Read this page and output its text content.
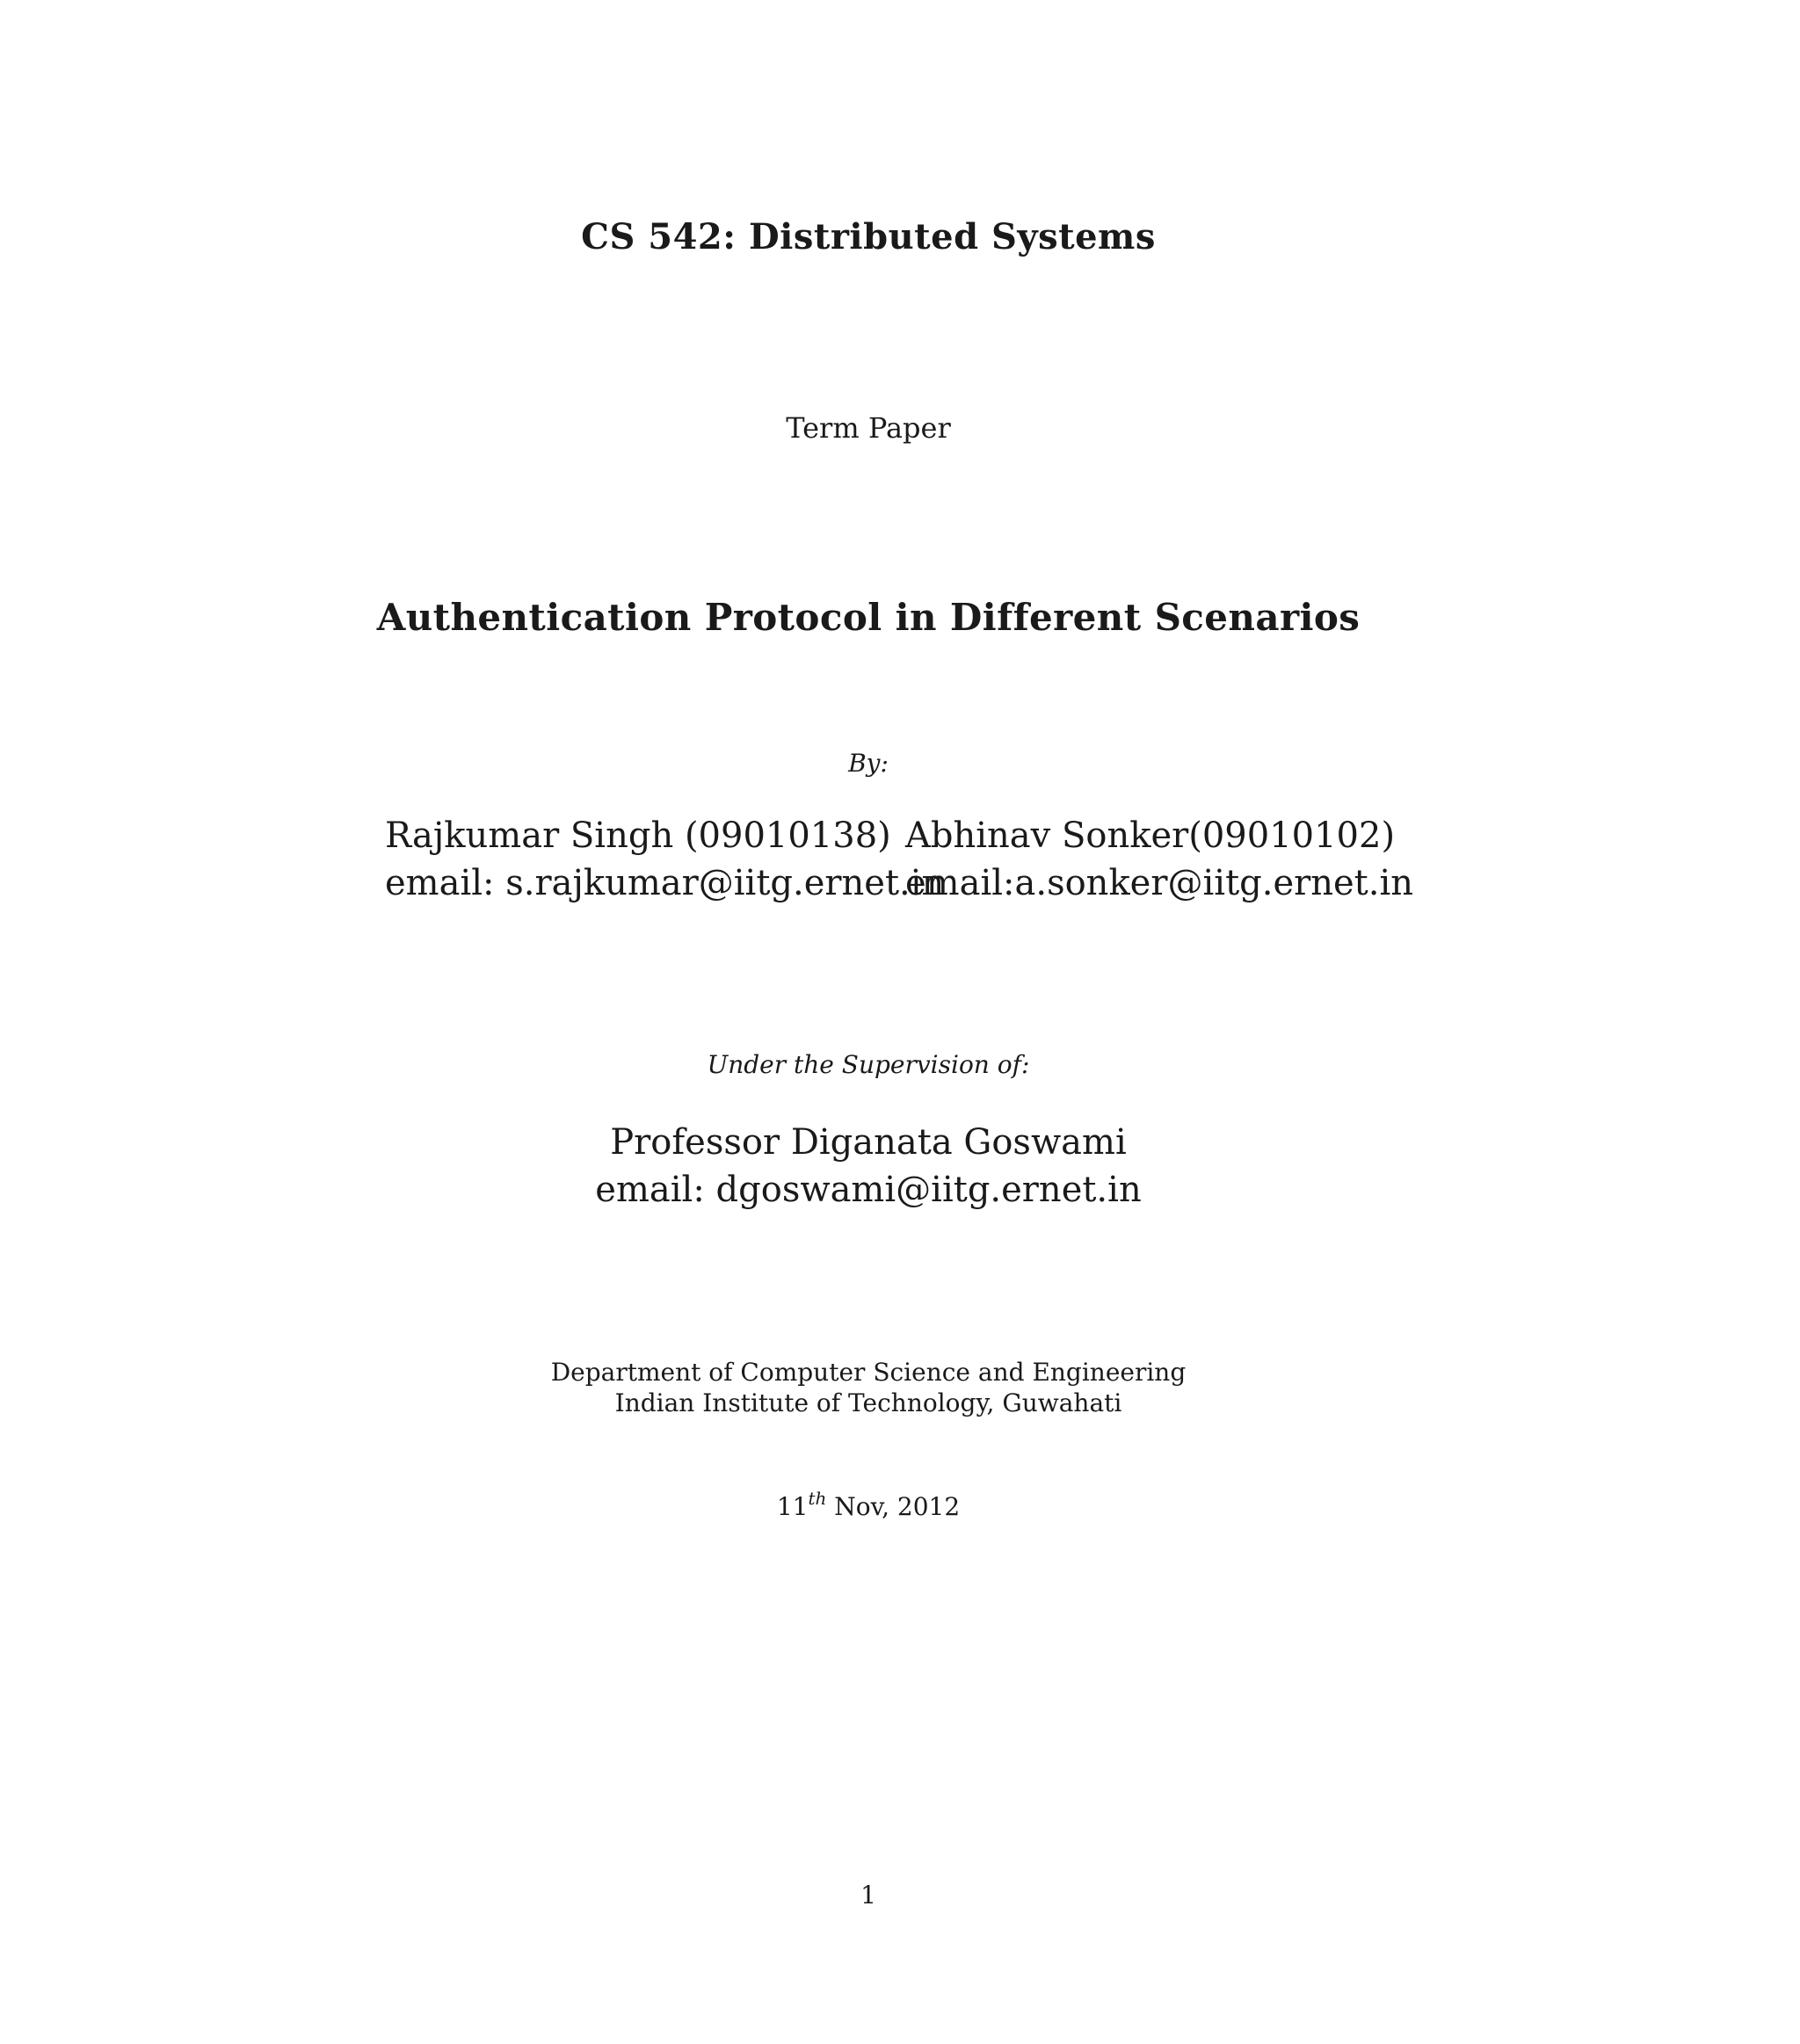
CS 542: Distributed Systems
Term Paper
Authentication Protocol in Different Scenarios
By:
Rajkumar Singh (09010138)
email: s.rajkumar@iitg.ernet.in
Abhinav Sonker(09010102)
email:a.sonker@iitg.ernet.in
Under the Supervision of:
Professor Diganata Goswami
email: dgoswami@iitg.ernet.in
Department of Computer Science and Engineering
Indian Institute of Technology, Guwahati
11th Nov, 2012
1
